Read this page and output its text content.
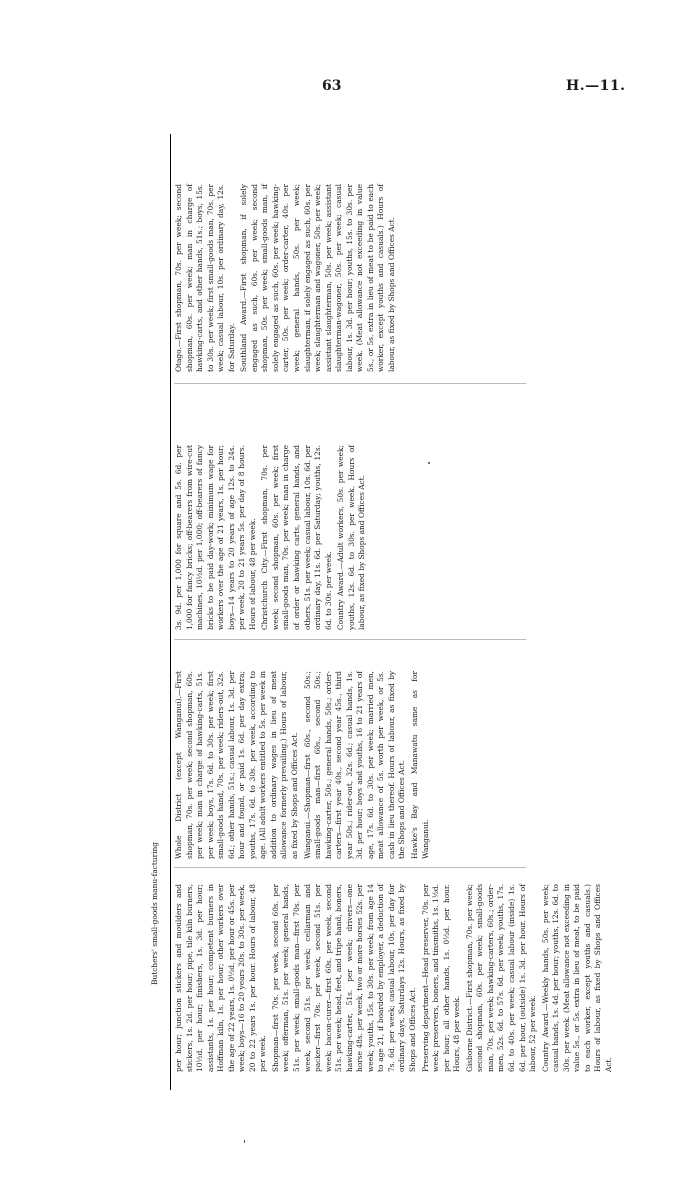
63	H.—11.

per hour; junction stickers and moulders and stickers, 1s. 2d. per hour; pipe, tile kiln burners, 10½d. per hour; finishers, 1s. 3d. per hour; assistants, 1s. per hour; competent burners in Hoffman kiln, 1s. per hour; other workers over the age of 22 years, 1s. 0½d. per hour or 45s. per week; boys—16 to 20 years 20s. to 30s. per week, 20 to 22 years 1s. per hour. Hours of labour, 48 per week. Shopman—first 70s. per week, second 60s. per week; offerman, 51s. per week; general hands, 51s. per week; small-goods man—first 70s. per week, second 51s. per week; cellarman and packer—first 70s. per week, second 51s. per week; bacon-curer—first 60s. per week, second 51s. per week; head, feet, and tripe hand, boners, hawking-carter, 51s. per week; drivers—one horse 48s. per week, two or more horses 52s. per week; youths, 15s. to 30s. per week; from age 14 to age 21, if boarded by employer, a deduction of 7s. 6d. per week; casual labour, 10s. per day for ordinary days, Saturdays 12s. Hours, as fixed by Shops and Offices Act. Preserving department—Head preserver, 70s. per week; preservers, boners, and tinsmiths, 1s. 1½d. per hour; all other hands, 1s. 0½d. per hour. Hours, 48 per week. Gisborne District.—First shopman, 70s. per week; second shopman, 60s. per week; small-goods man, 70s. per week; hawking-carters, 60s.; order-men, 52s. 6d. to 57s. 6d. per week; youths, 17s. 6d. to 40s. per week; casual labour (inside) 1s. 6d. per hour, (outside) 1s. 3d. per hour. Hours of labour, 52 per week. Country Award.—Weekly hands, 50s. per week; casual hands, 1s. 4d. per hour; youths, 12s. 6d. to 30s. per week. (Meat allowance not exceeding in value 5s., or 5s. extra in lieu of meat, to be paid to each worker, except youths and casuals.) Hours of labour, as fixed by Shops and Offices Act.

Whole District (except Wanganui).—First shopman, 70s. per week; second shopman, 60s. per week; man in charge of hawking-carts, 51s. per week; boys, 17s. 6d. to 30s. per week; first small-goods hand, 70s. per week; riders-out, 32s. 6d.; other hands, 51s.; casual labour, 1s. 3d. per hour and found, or paid 1s. 6d. per day extra; youths, 17s. 6d. to 30s. per week, according to age. (All adult workers entitled to 5s. per week in addition to ordinary wages in lieu of meat allowance formerly prevailing.) Hours of labour, as fixed by Shops and Offices Act. Wanganui.—Shopman—first 60s., second 50s.; small-goods man—first 60s., second 50s.; hawking-carter, 50s.; general hands, 50s.; order-carters—first year 40s., second year 45s., third year 50s.; rider-out, 32s. 6d.; casual hands, 1s. 3d. per hour; boys and youths, 16 to 21 years of age, 17s. 6d. to 30s. per week; married men, meat allowance of 5s. worth per week, or 5s. cash in lieu thereof. Hours of labour, as fixed by the Shops and Offices Act. Hawke's Bay and Manawatu same as for Wanganui.

3s. 9d. per 1,000 for square and 5s. 6d. per 1,000 for fancy bricks; off-bearers from wire-cut machines, 10½d. per 1,000; off-bearers of fancy bricks to be paid day-work; minimum wage for workers over the age of 21 years, 1s. per hour; boys—14 years to 20 years of age 12s. to 24s. per week, 20 to 21 years 5s. per day of 8 hours. Hours of labour, 48 per week. Christchurch City.—First shopman, 70s. per week; second shopman, 60s. per week; first small-goods man, 70s. per week; man in charge of order or hawking carts, general hands, and others, 51s. per week; casual labour, 10s. 6d. per ordinary day, 11s. 6d. per Saturday; youths, 12s. 6d. to 30s. per week. Country Award.—Adult workers, 50s. per week; youths, 12s. 6d. to 30s. per week. Hours of labour, as fixed by Shops and Offices Act.

Otago.—First shopman, 70s. per week; second shopman, 60s. per week; man in charge of hawking-carts, and other hands, 51s.; boys, 15s. to 30s. per week; first small-goods man, 70s. per week; casual labour, 10s. per ordinary day, 12s. for Saturday. Southland Award.—First shopman, if solely engaged as such, 60s. per week; second shopman, 50s. per week; small-goods man, if solely engaged as such, 60s. per week; hawking-carter, 50s. per week; order-carter, 40s. per week; general hands, 50s. per week; slaughterman, if solely engaged as such, 60s. per week; slaughterman and wagoner, 50s. per week; assistant slaughterman, 50s. per week; assistant slaughterman-wagoner, 50s. per week; casual labour, 1s. 3d. per hour; youths, 15s. to 30s. per week. (Meat allowance not exceeding in value 5s., or 5s. extra in lieu of meat to be paid to each worker, except youths and casuals.) Hours of labour, as fixed by Shops and Offices Act.

Butchers' small-goods manu-facturing
